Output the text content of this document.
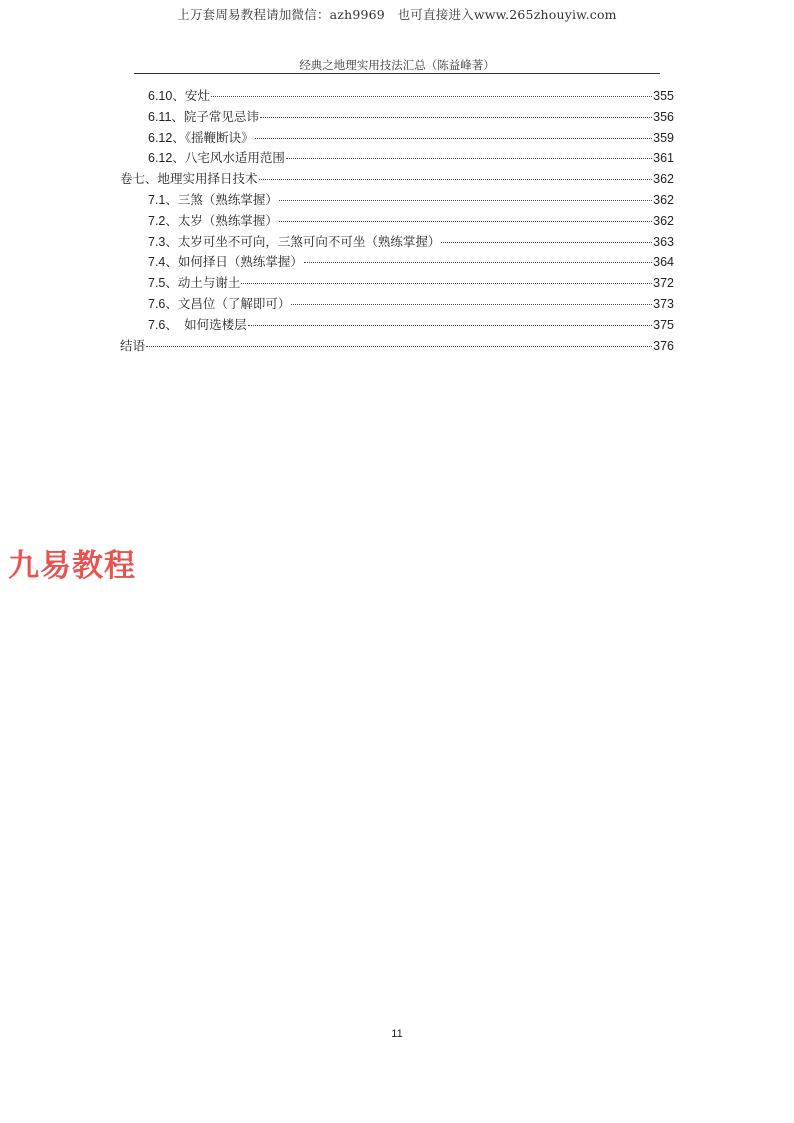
上万套周易教程请加微信：azh9969　也可直接进入www.265zhouyiw.com
经典之地理实用技法汇总（陈益峰著）
6.10 、安灶	355
6.11 、院子常见忌讳	356
6.12 、《摇鞭断诀》	359
6.12 、八宅风水适用范围	361
卷七、地理实用择日技术	362
7.1 、三煞（熟练掌握）	362
7.2 、太岁（熟练掌握）	362
7.3 、太岁可坐不可向，三煞可向不可坐（熟练掌握）	363
7.4 、如何择日（熟练掌握）	364
7.5 、动土与谢土	372
7.6 、文昌位（了解即可）	373
7.6 、　如何选楼层	375
结语	376
九易教程
11
